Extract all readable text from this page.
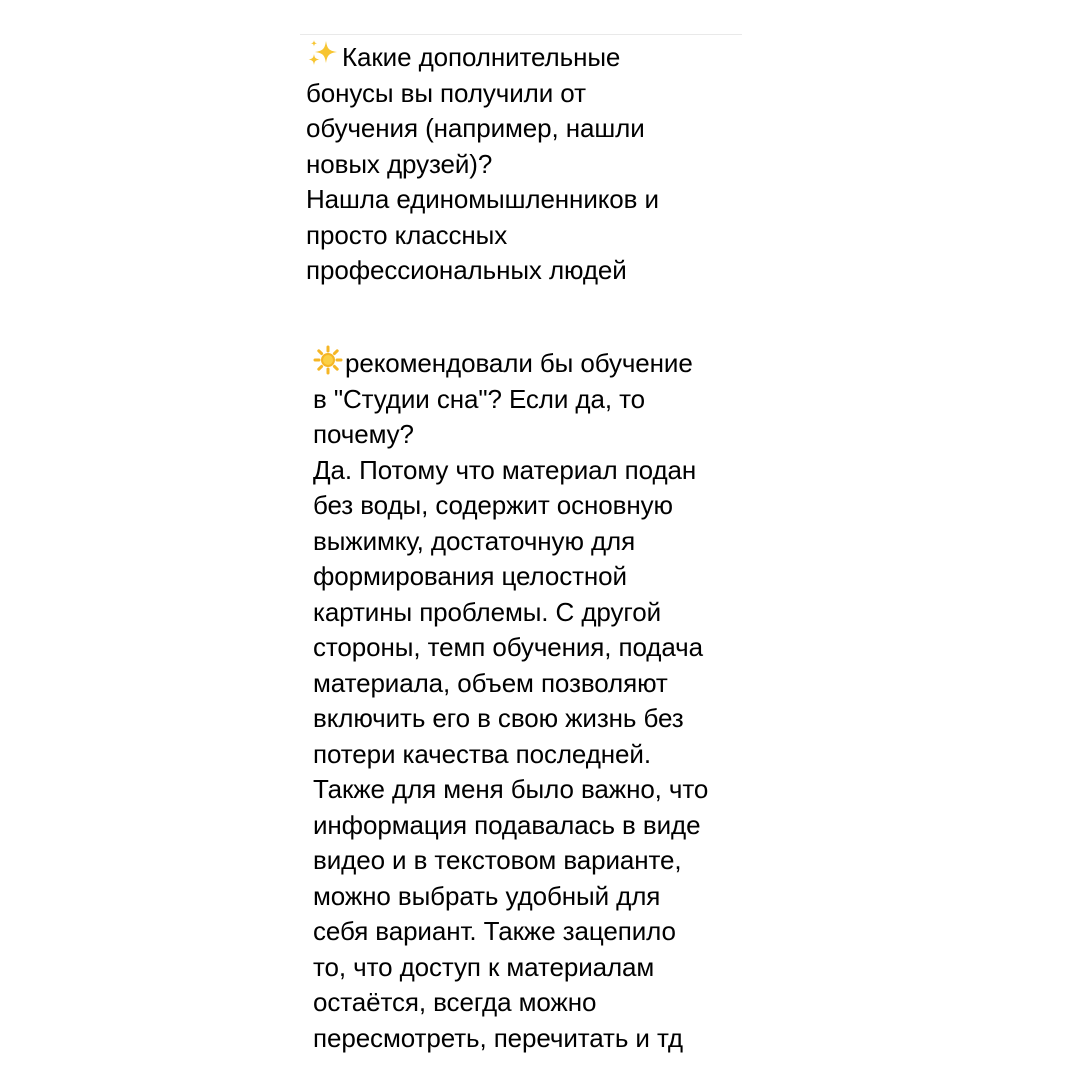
Какие дополнительные
бонусы вы получили от
обучения (например, нашли
новых друзей)?
Нашла единомышленников и
просто классных
профессиональных людей
рекомендовали бы обучение
в "Студии сна"? Если да, то
почему?
Да. Потому что материал подан
без воды, содержит основную
выжимку, достаточную для
формирования целостной
картины проблемы. С другой
стороны, темп обучения, подача
материала, объем позволяют
включить его в свою жизнь без
потери качества последней.
Также для меня было важно, что
информация подавалась в виде
видео и в текстовом варианте,
можно выбрать удобный для
себя вариант. Также зацепило
то, что доступ к материалам
остаётся, всегда можно
пересмотреть, перечитать и тд
